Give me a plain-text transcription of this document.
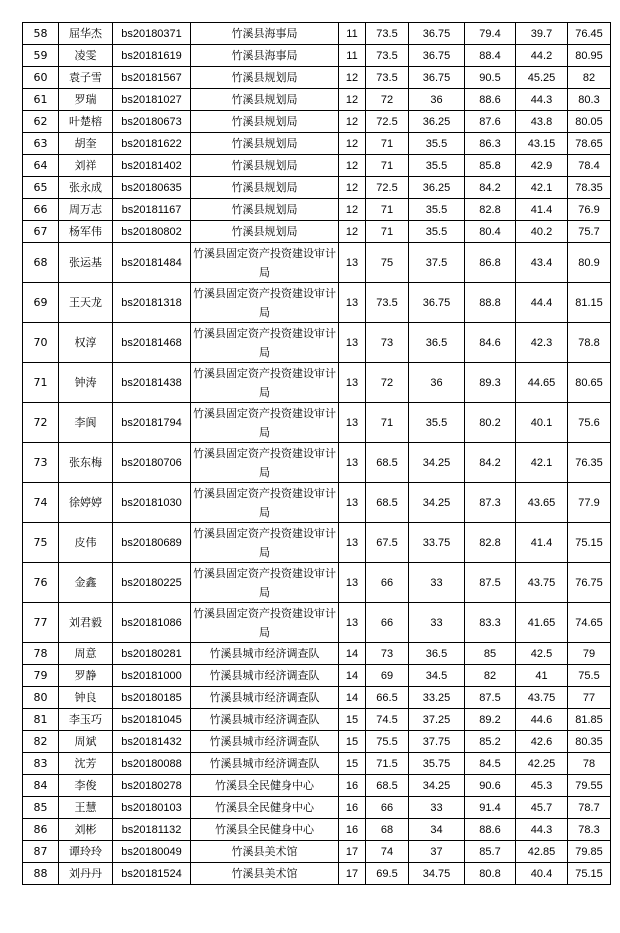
58	屈华杰	bs20180371	竹溪县海事局	11	73.5	36.75	79.4	39.7	76.45
59	凌雯	bs20181619	竹溪县海事局	11	73.5	36.75	88.4	44.2	80.95
60	袁子雪	bs20181567	竹溪县规划局	12	73.5	36.75	90.5	45.25	82
61	罗瑞	bs20181027	竹溪县规划局	12	72	36	88.6	44.3	80.3
62	叶楚榕	bs20180673	竹溪县规划局	12	72.5	36.25	87.6	43.8	80.05
63	胡奎	bs20181622	竹溪县规划局	12	71	35.5	86.3	43.15	78.65
64	刘祥	bs20181402	竹溪县规划局	12	71	35.5	85.8	42.9	78.4
65	张永成	bs20180635	竹溪县规划局	12	72.5	36.25	84.2	42.1	78.35
66	周万志	bs20181167	竹溪县规划局	12	71	35.5	82.8	41.4	76.9
67	杨军伟	bs20180802	竹溪县规划局	12	71	35.5	80.4	40.2	75.7
68	张运基	bs20181484	竹溪县固定资产投资建设审计局	13	75	37.5	86.8	43.4	80.9
69	王天龙	bs20181318	竹溪县固定资产投资建设审计局	13	73.5	36.75	88.8	44.4	81.15
70	权淳	bs20181468	竹溪县固定资产投资建设审计局	13	73	36.5	84.6	42.3	78.8
71	钟涛	bs20181438	竹溪县固定资产投资建设审计局	13	72	36	89.3	44.65	80.65
72	李阆	bs20181794	竹溪县固定资产投资建设审计局	13	71	35.5	80.2	40.1	75.6
73	张东梅	bs20180706	竹溪县固定资产投资建设审计局	13	68.5	34.25	84.2	42.1	76.35
74	徐婷婷	bs20181030	竹溪县固定资产投资建设审计局	13	68.5	34.25	87.3	43.65	77.9
75	皮伟	bs20180689	竹溪县固定资产投资建设审计局	13	67.5	33.75	82.8	41.4	75.15
76	金鑫	bs20180225	竹溪县固定资产投资建设审计局	13	66	33	87.5	43.75	76.75
77	刘君毅	bs20181086	竹溪县固定资产投资建设审计局	13	66	33	83.3	41.65	74.65
78	周意	bs20180281	竹溪县城市经济调查队	14	73	36.5	85	42.5	79
79	罗静	bs20181000	竹溪县城市经济调查队	14	69	34.5	82	41	75.5
80	钟良	bs20180185	竹溪县城市经济调查队	14	66.5	33.25	87.5	43.75	77
81	李玉巧	bs20181045	竹溪县城市经济调查队	15	74.5	37.25	89.2	44.6	81.85
82	周斌	bs20181432	竹溪县城市经济调查队	15	75.5	37.75	85.2	42.6	80.35
83	沈芳	bs20180088	竹溪县城市经济调查队	15	71.5	35.75	84.5	42.25	78
84	李俊	bs20180278	竹溪县全民健身中心	16	68.5	34.25	90.6	45.3	79.55
85	王慧	bs20180103	竹溪县全民健身中心	16	66	33	91.4	45.7	78.7
86	刘彬	bs20181132	竹溪县全民健身中心	16	68	34	88.6	44.3	78.3
87	谭玲玲	bs20180049	竹溪县美术馆	17	74	37	85.7	42.85	79.85
88	刘丹丹	bs20181524	竹溪县美术馆	17	69.5	34.75	80.8	40.4	75.15
